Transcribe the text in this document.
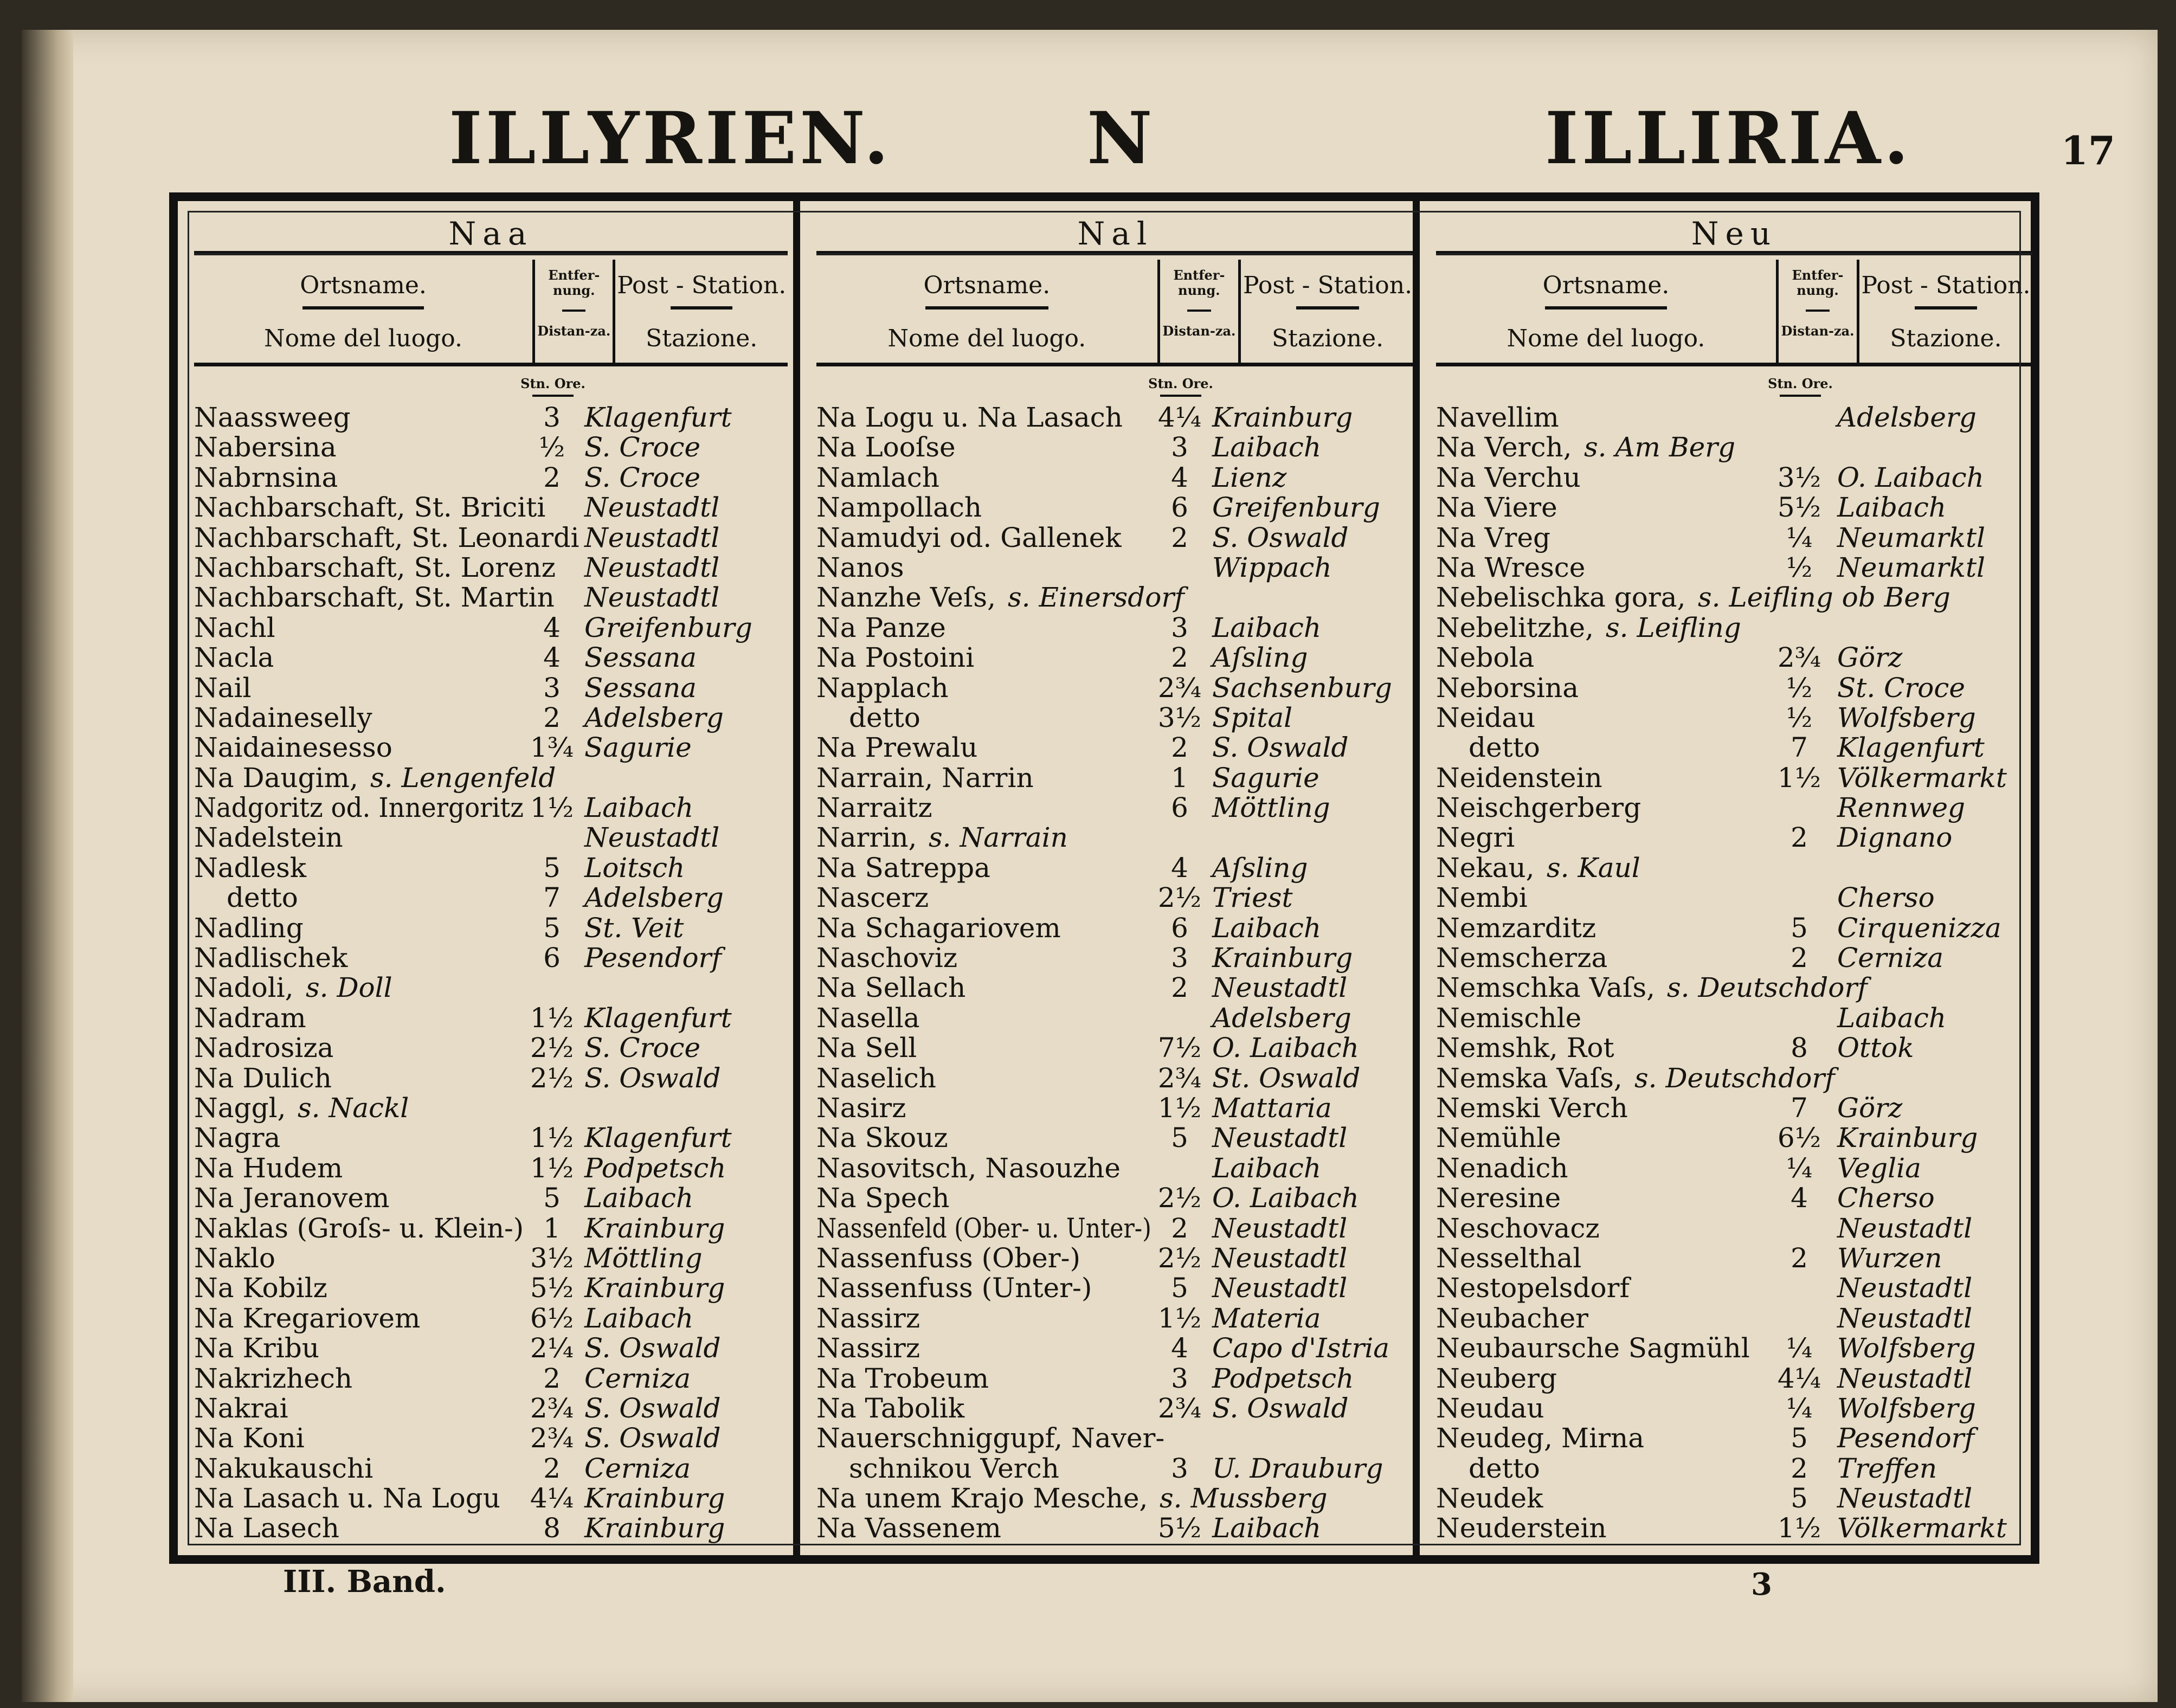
ILLYRIEN.	N	ILLIRIA.	17
Naa
Ortsname.
Nome del luogo.
Entfer-nung.
Distan-za.
Post - Station.
Stazione.
Stn. Ore.
Naassweeg	3 Klagenfurt
Nabersina	½ S. Croce
Nabrnsina	2 S. Croce
Nachbarschaft, St. Briciti Neustadtl
Nachbarschaft, St. Leonardi Neustadtl
Nachbarschaft, St. Lorenz Neustadtl
Nachbarschaft, St. Martin Neustadtl
Nachl	4 Greifenburg
Nacla	4 Sessana
Nail	3 Sessana
Nadaineselly	2 Adelsberg
Naidainesesso	1¾ Sagurie
Na Daugim, s. Lengenfeld
Nadgoritz od. Innergoritz 1½ Laibach
Nadelstein	Neustadtl
Nadlesk	5 Loitsch
detto	7 Adelsberg
Nadling	5 St. Veit
Nadlischek	6 Pesendorf
Nadoli, s. Doll
Nadram	1½ Klagenfurt
Nadrosiza	2½ S. Croce
Na Dulich	2½ S. Oswald
Naggl, s. Nackl
Nagra	1½ Klagenfurt
Na Hudem	1½ Podpetsch
Na Jeranovem	5 Laibach
Naklas (Groſs- u. Klein-) 1 Krainburg
Naklo	3½ Möttling
Na Kobilz	5½ Krainburg
Na Kregariovem	6½ Laibach
Na Kribu	2¼ S. Oswald
Nakrizhech	2 Cerniza
Nakrai	2¾ S. Oswald
Na Koni	2¾ S. Oswald
Nakukauschi	2 Cerniza
Na Lasach u. Na Logu	4¼ Krainburg
Na Lasech	8 Krainburg
Nal
Ortsname.
Nome del luogo.
Entfer-nung.
Distan-za.
Post - Station.
Stazione.
Stn. Ore.
Na Logu u. Na Lasach	4¼ Krainburg
Na Looſse	3 Laibach
Namlach	4 Lienz
Nampollach	6 Greifenburg
Namudyi od. Gallenek	2 S. Oswald
Nanos	Wippach
Nanzhe Veſs, s. Einersdorf
Na Panze	3 Laibach
Na Postoini	2 Aſsling
Napplach	2¾ Sachsenburg
detto	3½ Spital
Na Prewalu	2 S. Oswald
Narrain, Narrin	1 Sagurie
Narraitz	6 Möttling
Narrin, s. Narrain
Na Satreppa	4 Aſsling
Nascerz	2½ Triest
Na Schagariovem	6 Laibach
Naschoviz	3 Krainburg
Na Sellach	2 Neustadtl
Nasella	Adelsberg
Na Sell	7½ O. Laibach
Naselich	2¾ St. Oswald
Nasirz	1½ Mattaria
Na Skouz	5 Neustadtl
Nasovitsch, Nasouzhe	Laibach
Na Spech	2½ O. Laibach
Nassenfeld (Ober- u. Unter-) 2 Neustadtl
Nassenfuss (Ober-)	2½ Neustadtl
Nassenfuss (Unter-)	5 Neustadtl
Nassirz	1½ Materia
Nassirz	4 Capo d'Istria
Na Trobeum	3 Podpetsch
Na Tabolik	2¾ S. Oswald
Nauerschniggupf, Naver-
schnikou Verch	3 U. Drauburg
Na unem Krajo Mesche, s. Mussberg
Na Vassenem	5½ Laibach
Neu
Ortsname.
Nome del luogo.
Entfer-nung.
Distan-za.
Post - Station.
Stazione.
Stn. Ore.
Navellim	Adelsberg
Na Verch, s. Am Berg
Na Verchu	3½ O. Laibach
Na Viere	5½ Laibach
Na Vreg	¼ Neumarktl
Na Wresce	½ Neumarktl
Nebelischka gora, s. Leifling ob Berg
Nebelitzhe, s. Leifling
Nebola	2¾ Görz
Neborsina	½ St. Croce
Neidau	½ Wolfsberg
detto	7	Klagenfurt
Neidenstein	1½ Völkermarkt
Neischgerberg	Rennweg
Negri	2	Dignano
Nekau, s. Kaul
Nembi	Cherso
Nemzarditz	5	Cirquenizza
Nemscherza	2	Cerniza
Nemschka Vaſs, s. Deutschdorf
Nemischle	Laibach
Nemshk, Rot	8	Ottok
Nemska Vaſs, s. Deutschdorf
Nemski Verch	7	Görz
Nemühle	6½ Krainburg
Nenadich	¼ Veglia
Neresine	4	Cherso
Neschovacz	Neustadtl
Nesselthal	2	Wurzen
Nestopelsdorf	Neustadtl
Neubacher	Neustadtl
Neubaursche Sagmühl	¼ Wolfsberg
Neuberg	4¼ Neustadtl
Neudau	¼ Wolfsberg
Neudeg, Mirna	5	Pesendorf
detto	2	Treffen
Neudek	5	Neustadtl
Neuderstein	1½ Völkermarkt
III. Band.	3
